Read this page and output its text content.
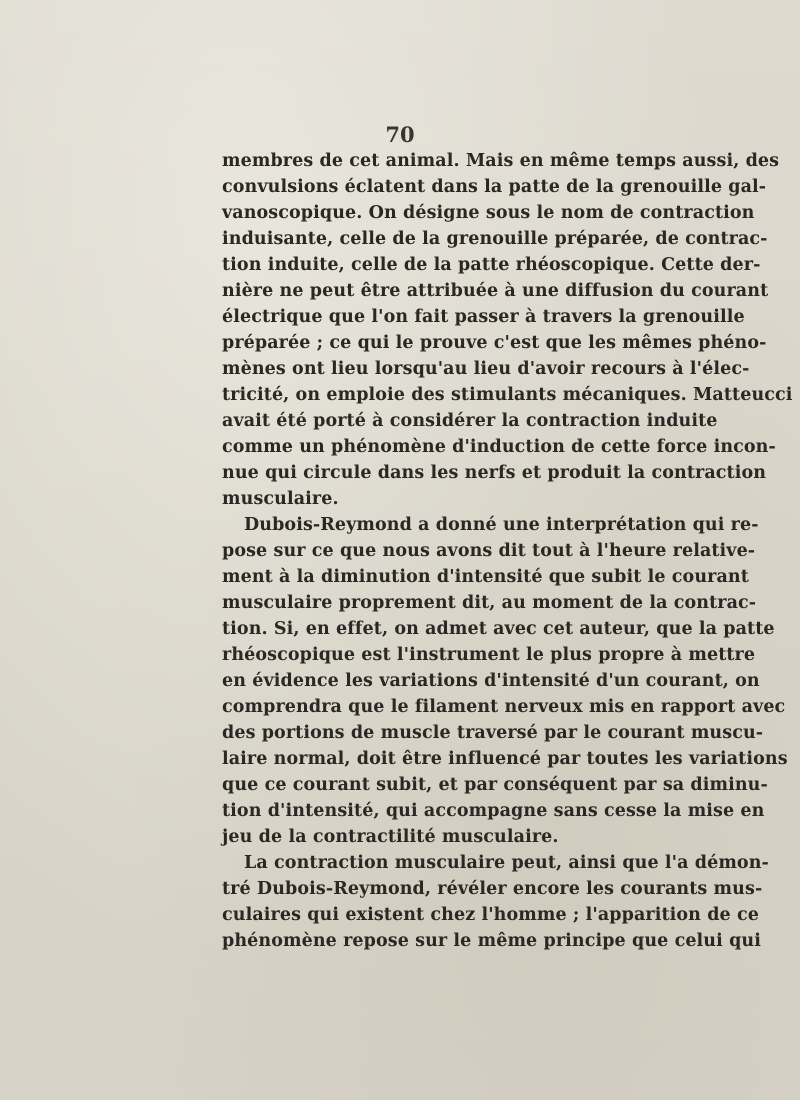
70

membres de cet animal. Mais en même temps aussi, des
convulsions éclatent dans la patte de la grenouille gal-
vanoscopique. On désigne sous le nom de contraction
induisante, celle de la grenouille préparée, de contrac-
tion induite, celle de la patte rhéoscopique. Cette der-
nière ne peut être attribuée à une diffusion du courant
électrique que l'on fait passer à travers la grenouille
préparée ; ce qui le prouve c'est que les mêmes phéno-
mènes ont lieu lorsqu'au lieu d'avoir recours à l'élec-
tricité, on emploie des stimulants mécaniques. Matteucci
avait été porté à considérer la contraction induite
comme un phénomène d'induction de cette force incon-
nue qui circule dans les nerfs et produit la contraction
musculaire.

Dubois-Reymond a donné une interprétation qui re-
pose sur ce que nous avons dit tout à l'heure relative-
ment à la diminution d'intensité que subit le courant
musculaire proprement dit, au moment de la contrac-
tion. Si, en effet, on admet avec cet auteur, que la patte
rhéoscopique est l'instrument le plus propre à mettre
en évidence les variations d'intensité d'un courant, on
comprendra que le filament nerveux mis en rapport avec
des portions de muscle traversé par le courant muscu-
laire normal, doit être influencé par toutes les variations
que ce courant subit, et par conséquent par sa diminu-
tion d'intensité, qui accompagne sans cesse la mise en
jeu de la contractilité musculaire.

La contraction musculaire peut, ainsi que l'a démon-
tré Dubois-Reymond, révéler encore les courants mus-
culaires qui existent chez l'homme ; l'apparition de ce
phénomène repose sur le même principe que celui qui
